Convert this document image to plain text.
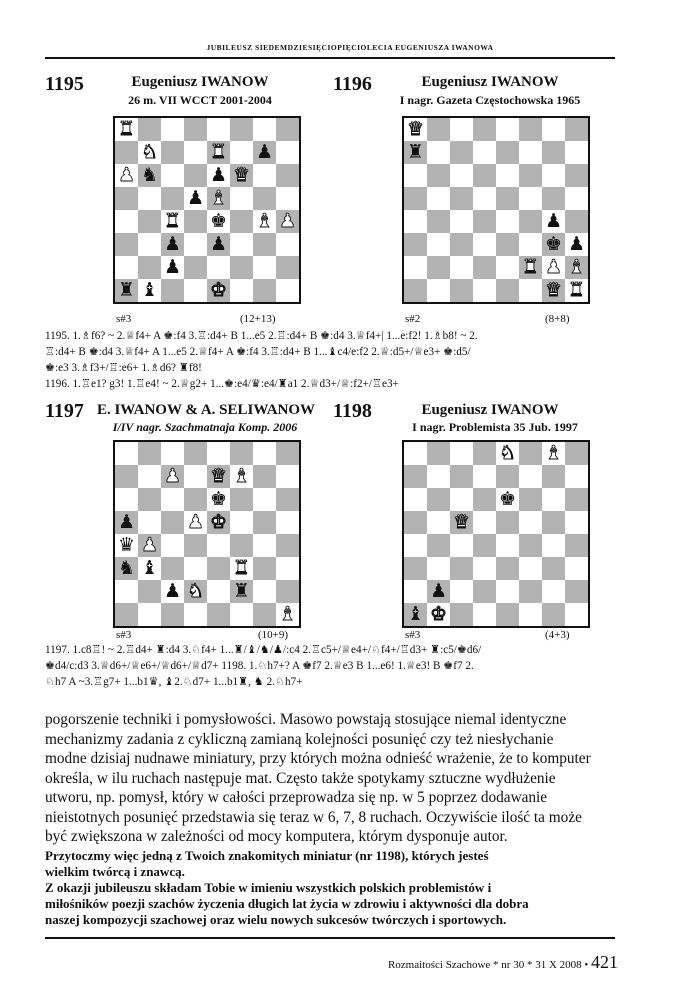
JUBILEUSZ SIEDEMDZIESIĘCIOPIĘCIOLECIA EUGENIUSZA IWANOWA
1195	Eugeniusz IWANOW
26 m. VII WCCT 2001-2004
♜
♞	♜ ♟
♟ ♞	♟ ♛
♟ ♝
♜ ♚ ♝ ♟
♟ ♟
♟
♜ ♝	♚
s#3	(12+13)
1196	Eugeniusz IWANOW
I nagr. Gazeta Częstochowska 1965
♛
♜
♟
♚ ♟
♜ ♟ ♝
♛ ♜
s#2	(8+8)
1195. 1.♗f6? ~ 2.♕f4+ A ♚:f4 3.♖:d4+ B 1...e5 2.♖:d4+ B ♚:d4 3.♕f4+| 1...e:f2! 1.♗b8! ~ 2.
♖:d4+ B ♚:d4 3.♕f4+ A 1...e5 2.♕f4+ A ♚:f4 3.♖:d4+ B 1...♝c4/e:f2 2.♕:d5+/♕e3+ ♚:d5/
♚:e3 3.♗f3+/♖:e6+ 1.♗d6? ♜f8!
1196. 1.♖e1? g3! 1.♖e4! ~ 2.♕g2+ 1...♚:e4/♛:e4/♜a1 2.♕d3+/♕:f2+/♖e3+
1197 E. IWANOW & A. SELIWANOW
I/IV nagr. Szachmatnaja Komp. 2006
♟ ♛ ♝
♚
♟	♟ ♚
♛ ♟
♞ ♝	♜
♟ ♞ ♜
♝
s#3	(10+9)
1198	Eugeniusz IWANOW
I nagr. Problemista 35 Jub. 1997
♞ ♝
♚
♛
♟
♝ ♚
s#3	(4+3)
1197. 1.c8♖! ~ 2.♖d4+ ♜:d4 3.♘f4+ 1...♜/♝/♞/♟/:c4 2.♖c5+/♕e4+/♘f4+/♖d3+ ♜:c5/♚d6/
♚d4/c:d3 3.♕d6+/♕e6+/♕d6+/♕d7+ 1198. 1.♘h7+? A ♚f7 2.♕e3 B 1...e6! 1.♕e3! B ♚f7 2.
♘h7 A ~3.♖g7+ 1...b1♛, ♝2.♘d7+ 1...b1♜, ♞ 2.♘h7+
pogorszenie techniki i pomysłowości. Masowo powstają stosujące niemal identyczne
mechanizmy zadania z cykliczną zamianą kolejności posunięć czy też niesłychanie
modne dzisiaj nudnawe miniatury, przy których można odnieść wrażenie, że to komputer
określa, w ilu ruchach następuje mat. Często także spotykamy sztuczne wydłużenie
utworu, np. pomysł, który w całości przeprowadza się np. w 5 poprzez dodawanie
nieistotnych posunięć przedstawia się teraz w 6, 7, 8 ruchach. Oczywiście ilość ta może
być zwiększona w zależności od mocy komputera, którym dysponuje autor.
Przytoczmy więc jedną z Twoich znakomitych miniatur (nr 1198), których jesteś
wielkim twórcą i znawcą.
Z okazji jubileuszu składam Tobie w imieniu wszystkich polskich problemistów i
miłośników poezji szachów życzenia długich lat życia w zdrowiu i aktywności dla dobra
naszej kompozycji szachowej oraz wielu nowych sukcesów twórczych i sportowych.
Rozmaitości Szachowe * nr 30 * 31 X 2008 • 421
